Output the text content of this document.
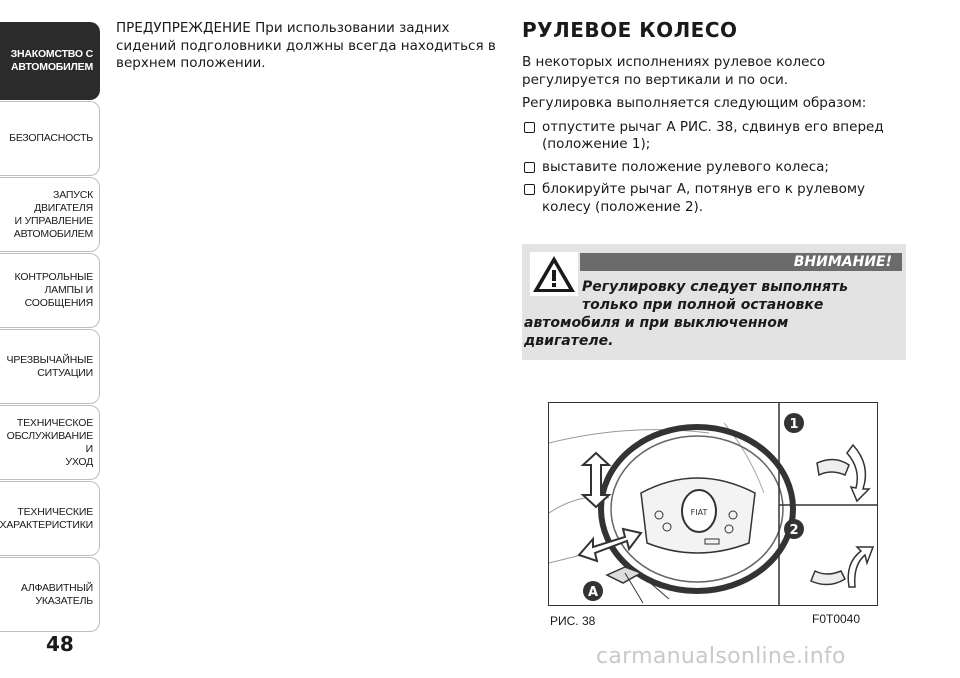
ЗНАКОМСТВО С
АВТОМОБИЛЕМ
БЕЗОПАСНОСТЬ
ЗАПУСК ДВИГАТЕЛЯ
И УПРАВЛЕНИЕ
АВТОМОБИЛЕМ
КОНТРОЛЬНЫЕ
ЛАМПЫ И
СООБЩЕНИЯ
ЧРЕЗВЫЧАЙНЫЕ
СИТУАЦИИ
ТЕХНИЧЕСКОЕ
ОБСЛУЖИВАНИЕ И
УХОД
ТЕХНИЧЕСКИЕ
ХАРАКТЕРИСТИКИ
АЛФАВИТНЫЙ
УКАЗАТЕЛЬ
48

ПРЕДУПРЕЖДЕНИЕ При использовании задних сидений подголовники должны всегда находиться в верхнем положении.

РУЛЕВОЕ КОЛЕСО

В некоторых исполнениях рулевое колесо регулируется по вертикали и по оси.

Регулировка выполняется следующим образом:

отпустите рычаг A РИС. 38, сдвинув его вперед (положение 1);
выставите положение рулевого колеса;
блокируйте рычаг A, потянув его к рулевому колесу (положение 2).
ВНИМАНИЕ!
Регулировку следует выполнять
только при полной остановке
автомобиля и при выключенном
двигателе.
FIAT
1
2
A
РИС. 38	F0T0040
carmanualsonline.info
